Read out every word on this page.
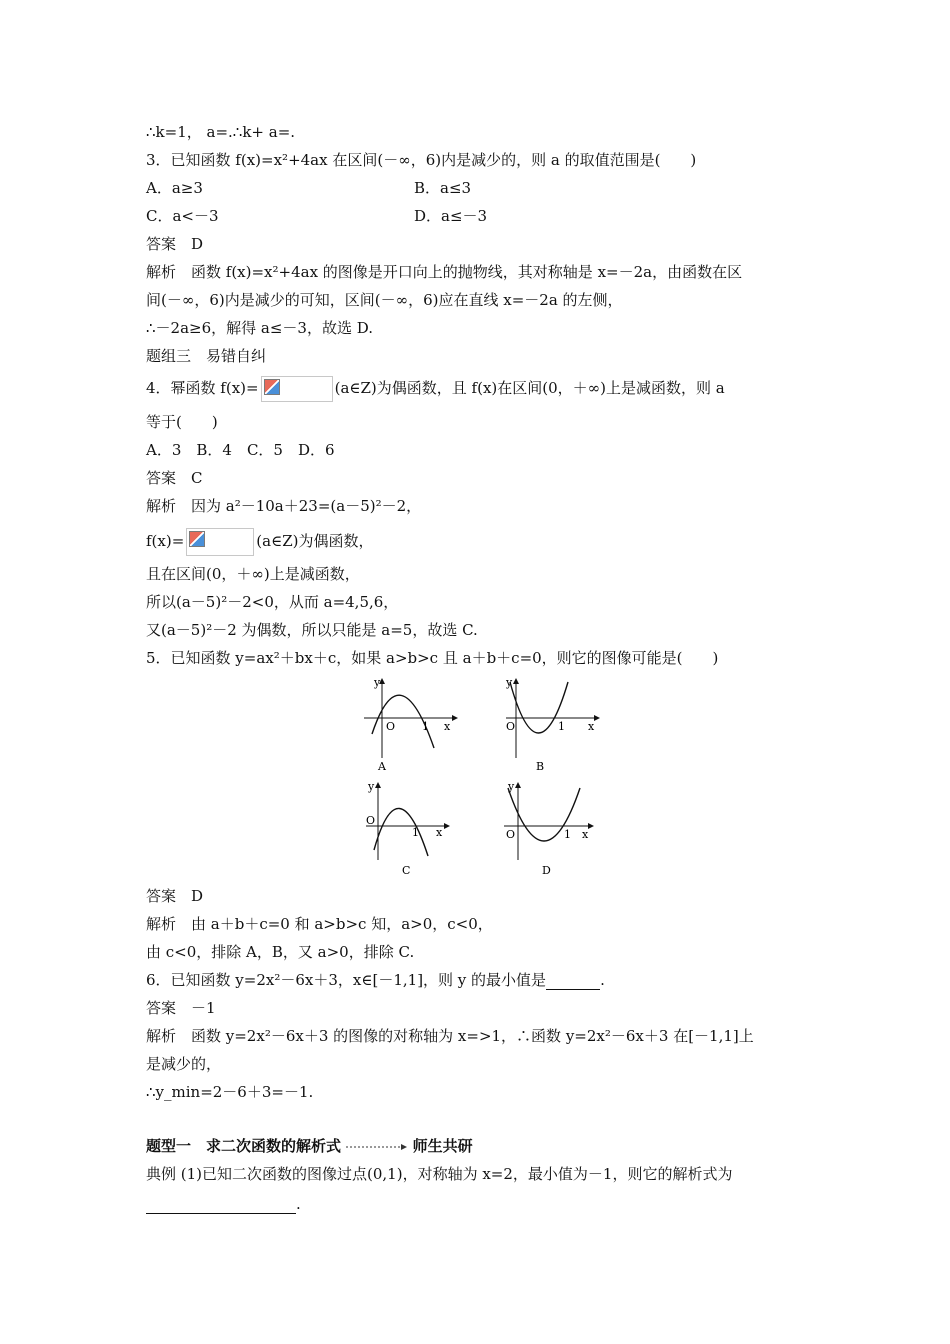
∴k=1， a=.∴k+ a=.
3．已知函数 f(x)=x²+4ax 在区间(－∞，6)内是减少的，则 a 的取值范围是(　　)
A．a≥3	B．a≤3
C．a<－3	D．a≤－3
答案　D
解析　函数 f(x)=x²+4ax 的图像是开口向上的抛物线，其对称轴是 x=－2a，由函数在区
间(－∞，6)内是减少的可知，区间(－∞，6)应在直线 x=－2a 的左侧，
∴－2a≥6，解得 a≤－3，故选 D.
题组三　易错自纠
4．幂函数 f(x)=	(a∈Z)为偶函数，且 f(x)在区间(0，＋∞)上是减函数，则 a
等于(　　)
A．3　B．4　C．5　D．6
答案　C
解析　因为 a²－10a＋23=(a－5)²－2，
f(x)=	(a∈Z)为偶函数，
且在区间(0，＋∞)上是减函数，
所以(a－5)²－2<0，从而 a=4,5,6，
又(a－5)²－2 为偶数，所以只能是 a=5，故选 C.
5．已知函数 y=ax²＋bx＋c，如果 a>b>c 且 a＋b＋c=0，则它的图像可能是(　　)
y
x
O 1
A
y
x
O	1
B
y
x
O
1
C
y
x
O	1
D
答案　D
解析　由 a＋b＋c=0 和 a>b>c 知，a>0，c<0，
由 c<0，排除 A，B，又 a>0，排除 C.
6．已知函数 y=2x²－6x＋3，x∈[－1,1]，则 y 的最小值是	.
答案　－1
解析　函数 y=2x²－6x＋3 的图像的对称轴为 x=>1，∴函数 y=2x²－6x＋3 在[－1,1]上
是减少的，
∴y_min=2－6＋3=－1.
题型一　求二次函数的解析式	师生共研
典例 (1)已知二次函数的图像过点(0,1)，对称轴为 x=2，最小值为－1，则它的解析式为
.
